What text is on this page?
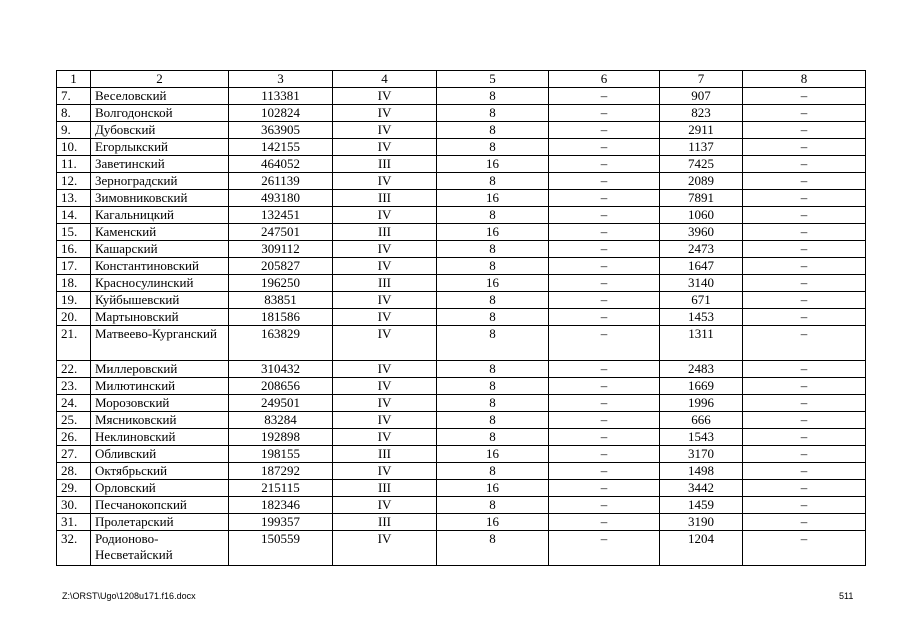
1	2	3	4	5	6	7	8
7.	Веселовский	113381	IV	8	–	907	–
8.	Волгодонской	102824	IV	8	–	823	–
9.	Дубовский	363905	IV	8	–	2911	–
10.	Егорлыкский	142155	IV	8	–	1137	–
11.	Заветинский	464052	III	16	–	7425	–
12.	Зерноградский	261139	IV	8	–	2089	–
13.	Зимовниковский	493180	III	16	–	7891	–
14.	Кагальницкий	132451	IV	8	–	1060	–
15.	Каменский	247501	III	16	–	3960	–
16.	Кашарский	309112	IV	8	–	2473	–
17.	Константиновский	205827	IV	8	–	1647	–
18.	Красносулинский	196250	III	16	–	3140	–
19.	Куйбышевский	83851	IV	8	–	671	–
20.	Мартыновский	181586	IV	8	–	1453	–
21.	Матвеево-Курганский	163829	IV	8	–	1311	–
22.	Миллеровский	310432	IV	8	–	2483	–
23.	Милютинский	208656	IV	8	–	1669	–
24.	Морозовский	249501	IV	8	–	1996	–
25.	Мясниковский	83284	IV	8	–	666	–
26.	Неклиновский	192898	IV	8	–	1543	–
27.	Обливский	198155	III	16	–	3170	–
28.	Октябрьский	187292	IV	8	–	1498	–
29.	Орловский	215115	III	16	–	3442	–
30.	Песчанокопский	182346	IV	8	–	1459	–
31.	Пролетарский	199357	III	16	–	3190	–
32.	Родионово-Несветайский	150559	IV	8	–	1204	–
Z:\ORST\Ugo\1208u171.f16.docx	511
